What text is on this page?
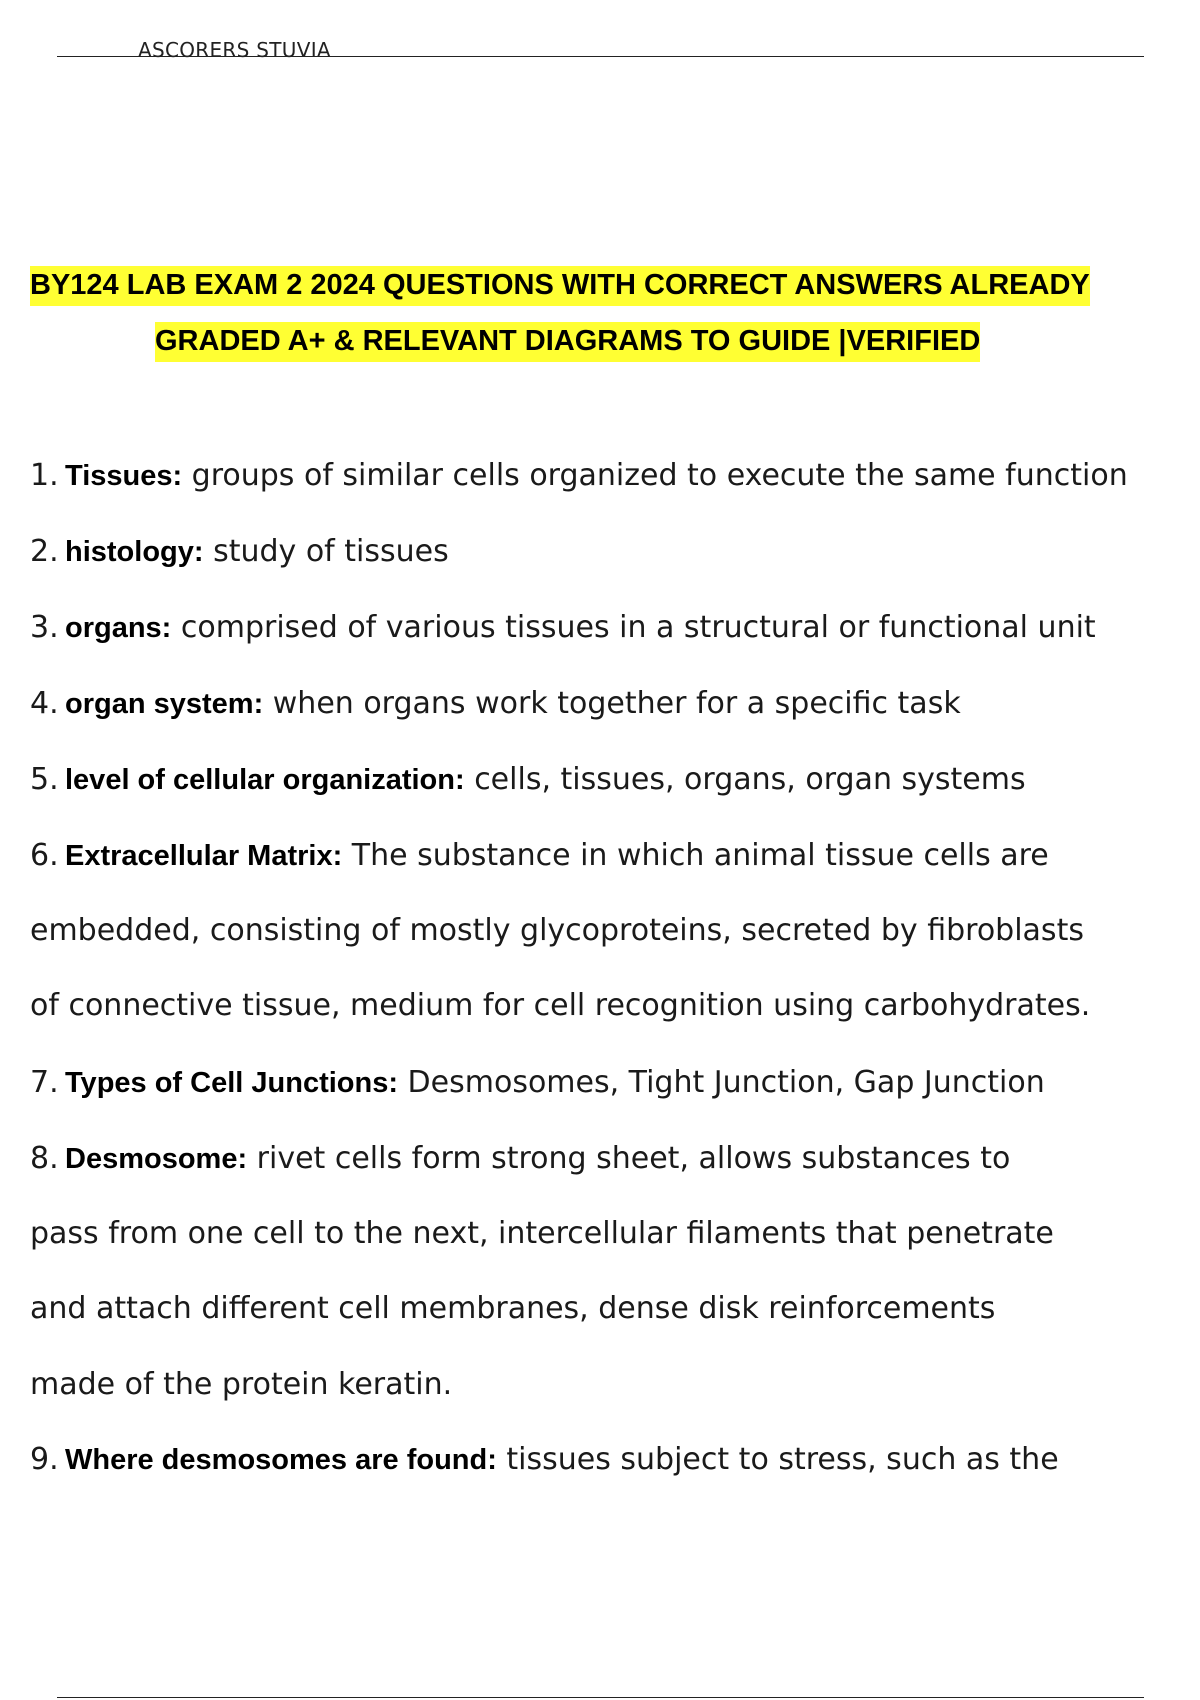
ASCORERS STUVIA
BY124 LAB EXAM 2 2024 QUESTIONS WITH CORRECT ANSWERS ALREADY
GRADED A+ & RELEVANT DIAGRAMS TO GUIDE |VERIFIED
1. Tissues: groups of similar cells organized to execute the same function
2. histology: study of tissues
3. organs: comprised of various tissues in a structural or functional unit
4. organ system: when organs work together for a specific task
5. level of cellular organization: cells, tissues, organs, organ systems
6. Extracellular Matrix: The substance in which animal tissue cells are
embedded, consisting of mostly glycoproteins, secreted by fibroblasts
of connective tissue, medium for cell recognition using carbohydrates.
7. Types of Cell Junctions: Desmosomes, Tight Junction, Gap Junction
8. Desmosome: rivet cells form strong sheet, allows substances to
pass from one cell to the next, intercellular filaments that penetrate
and attach different cell membranes, dense disk reinforcements
made of the protein keratin.
9. Where desmosomes are found: tissues subject to stress, such as the
